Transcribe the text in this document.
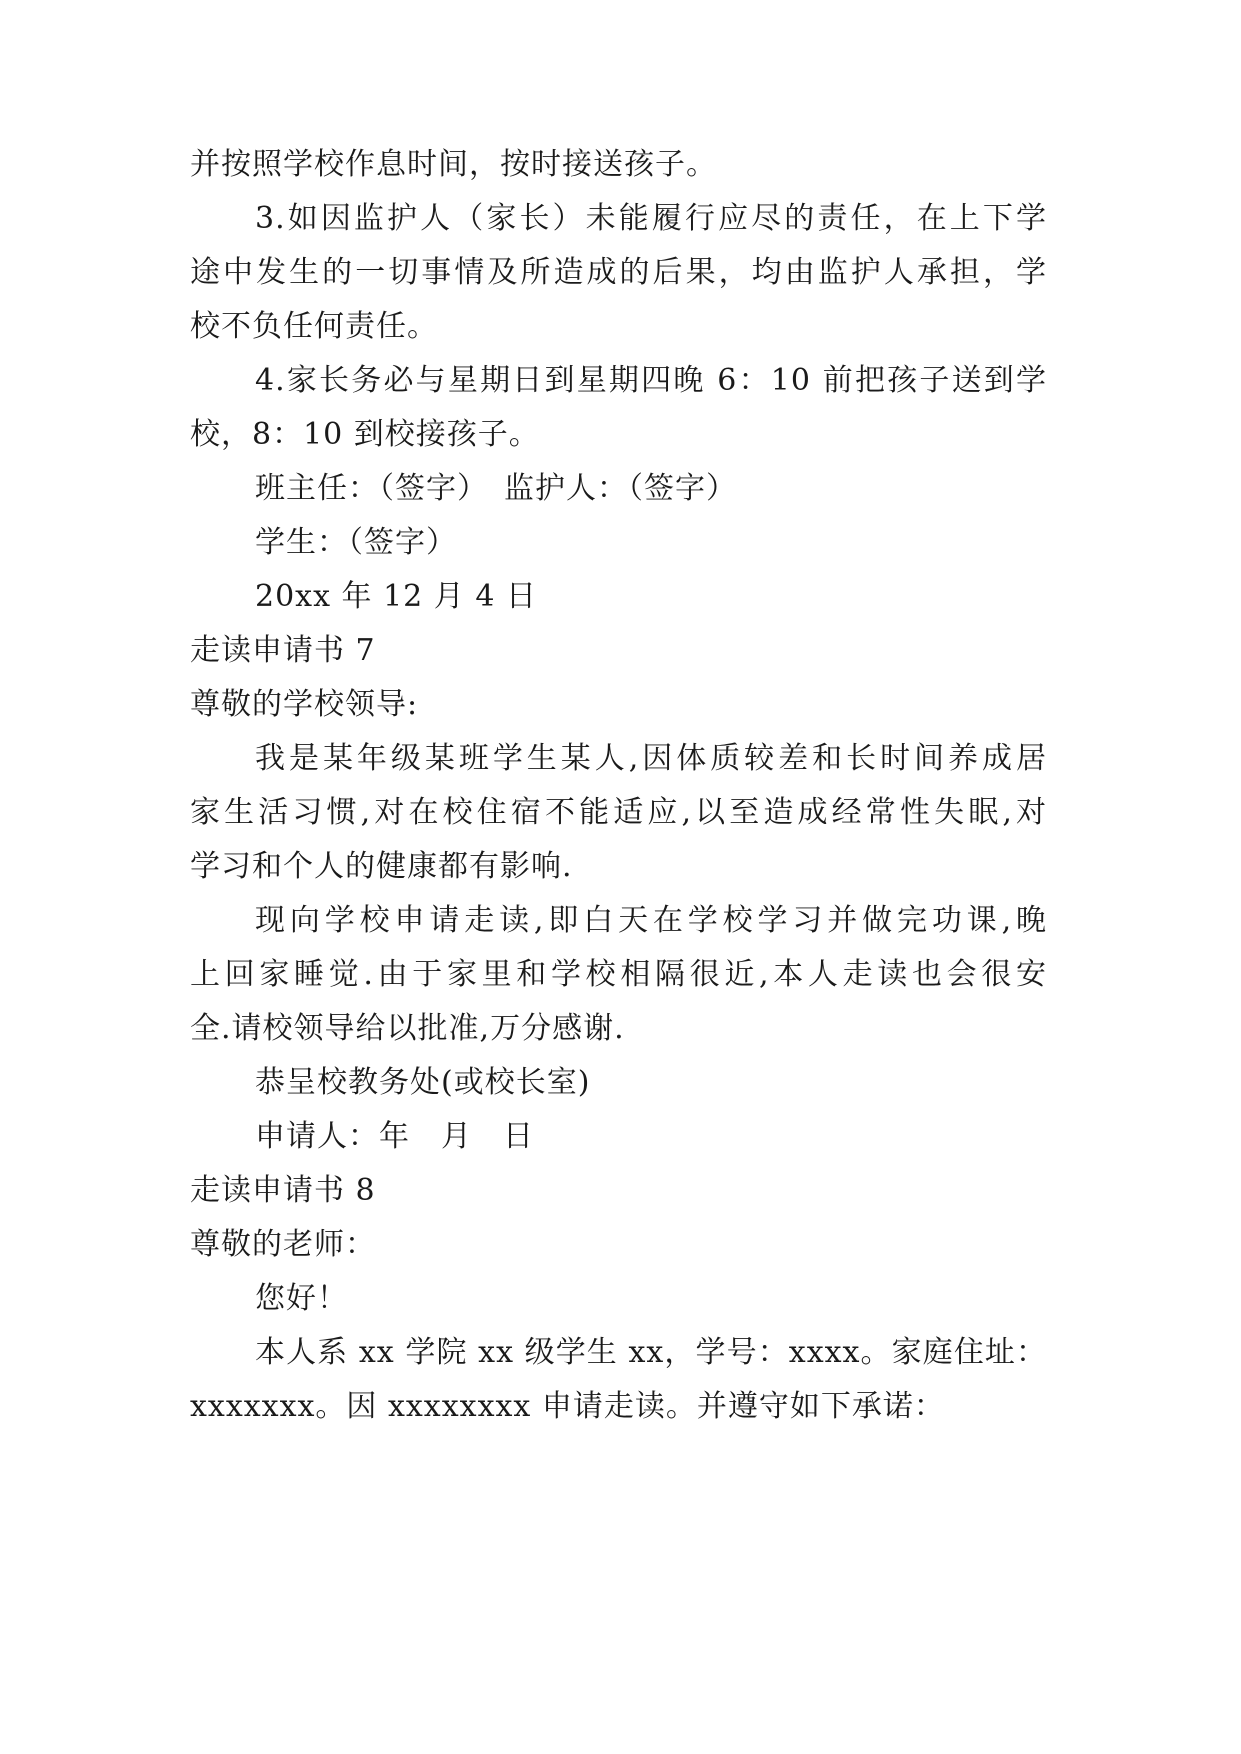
并按照学校作息时间，按时接送孩子。
3.如因监护人（家长）未能履行应尽的责任，在上下学
途中发生的一切事情及所造成的后果，均由监护人承担，学
校不负任何责任。
4.家长务必与星期日到星期四晚 6：10 前把孩子送到学
校，8：10 到校接孩子。
班主任：（签字）　监护人：（签字）
学生：（签字）
20xx 年 12 月 4 日
走读申请书 7
尊敬的学校领导:
我是某年级某班学生某人,因体质较差和长时间养成居
家生活习惯,对在校住宿不能适应,以至造成经常性失眠,对
学习和个人的健康都有影响.
现向学校申请走读,即白天在学校学习并做完功课,晚
上回家睡觉.由于家里和学校相隔很近,本人走读也会很安
全.请校领导给以批准,万分感谢.
恭呈校教务处(或校长室)
申请人：年　月　日
走读申请书 8
尊敬的老师：
您好！
本人系 xx 学院 xx 级学生 xx，学号：xxxx。家庭住址：
xxxxxxx。因 xxxxxxxx 申请走读。并遵守如下承诺：
